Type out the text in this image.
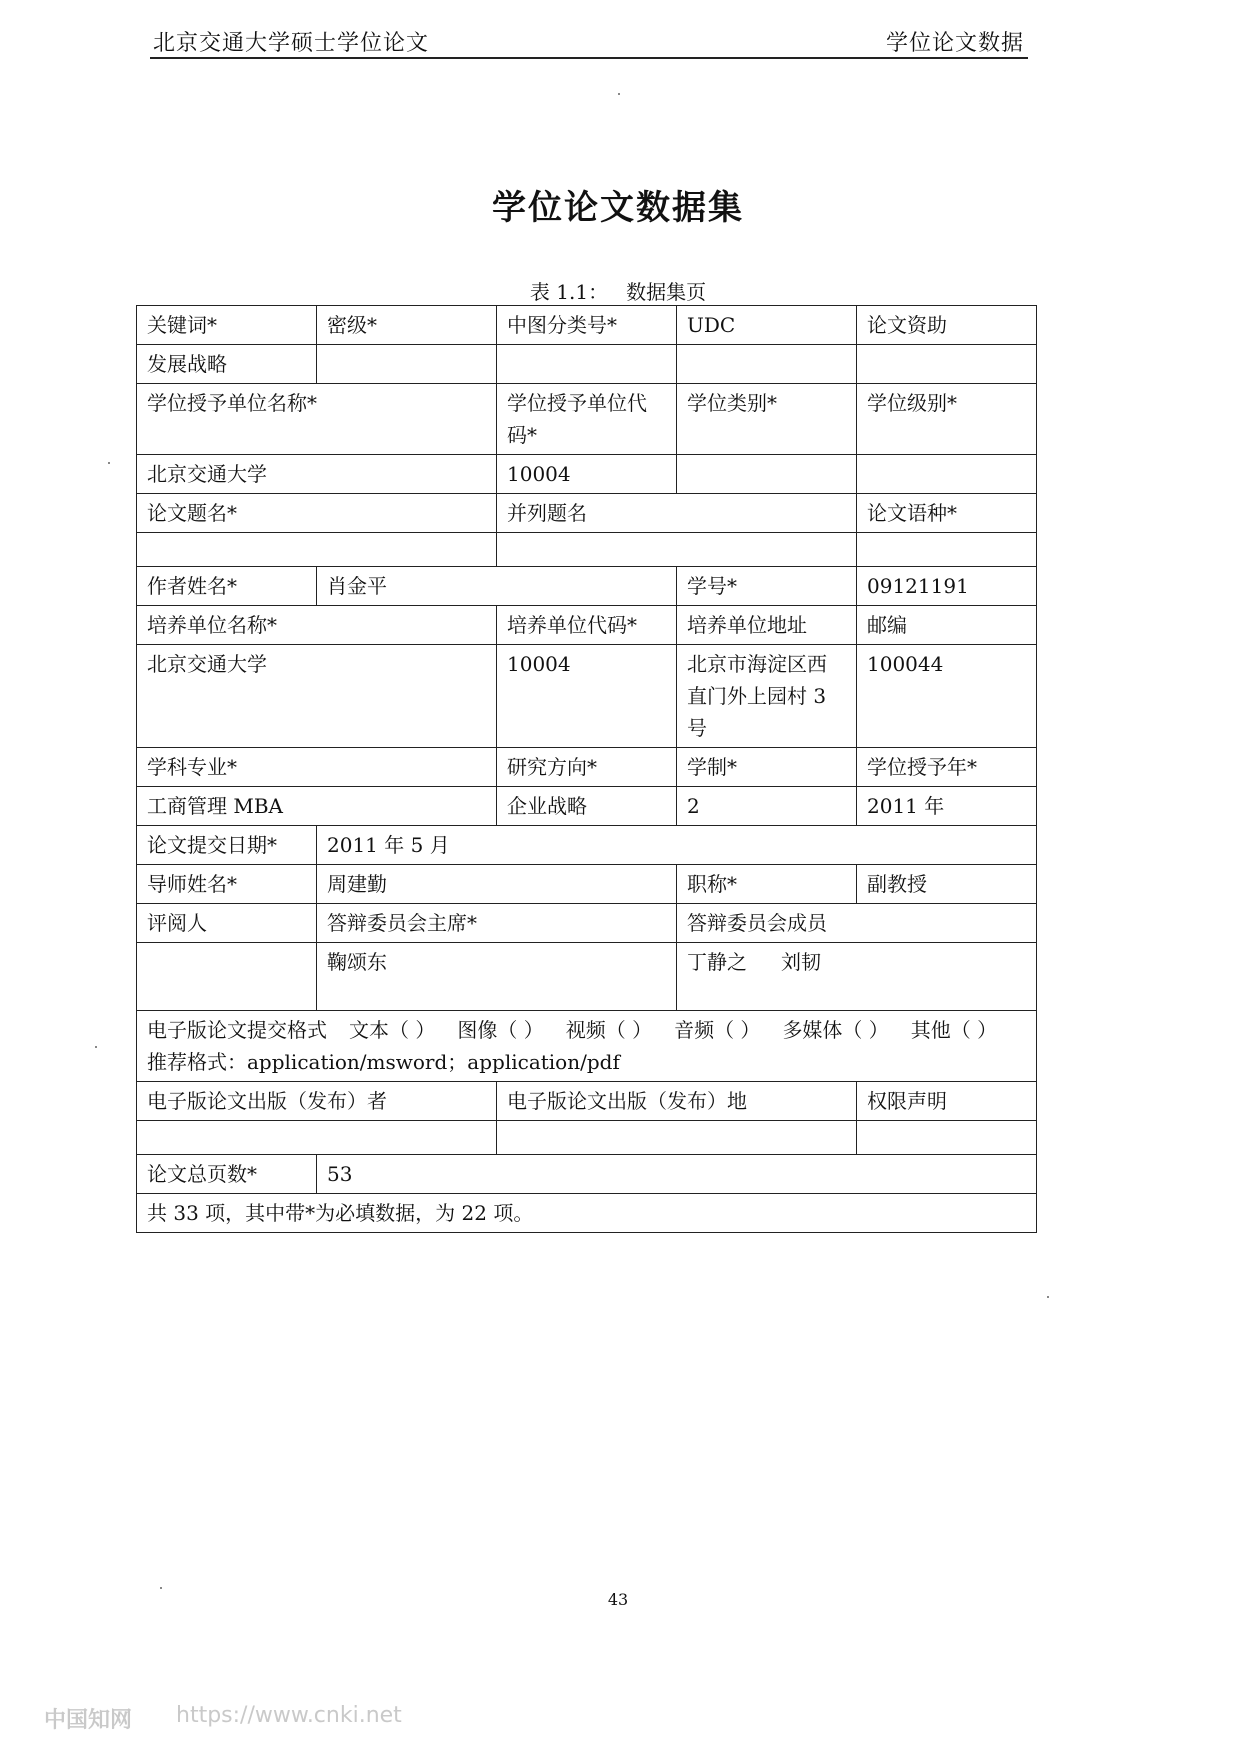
北京交通大学硕士学位论文	学位论文数据
学位论文数据集
表 1.1： 数据集页
关键词*	密级*	中图分类号*	UDC	论文资助
发展战略				
学位授予单位名称*		学位授予单位代码*	学位类别*	学位级别*
北京交通大学		10004		
论文题名*		并列题名		论文语种*

作者姓名*	肖金平		学号*	09121191
培养单位名称*		培养单位代码*	培养单位地址	邮编
北京交通大学		10004	北京市海淀区西直门外上园村 3 号	100044
学科专业*		研究方向*	学制*	学位授予年*
工商管理 MBA		企业战略	2	2011 年
论文提交日期*	2011 年 5 月			
导师姓名*	周建勤		职称*	副教授
评阅人	答辩委员会主席*		答辩委员会成员	
	鞠颂东		丁静之 刘韧	

电子版论文提交格式 文本（ ） 图像（ ） 视频（ ） 音频（ ） 多媒体（ ） 其他（ ）
推荐格式：application/msword；application/pdf				

电子版论文出版（发布）者		电子版论文出版（发布）地		权限声明

论文总页数*	53			
共 33 项，其中带*为必填数据，为 22 项。				
43
中国知网 https://www.cnki.net
